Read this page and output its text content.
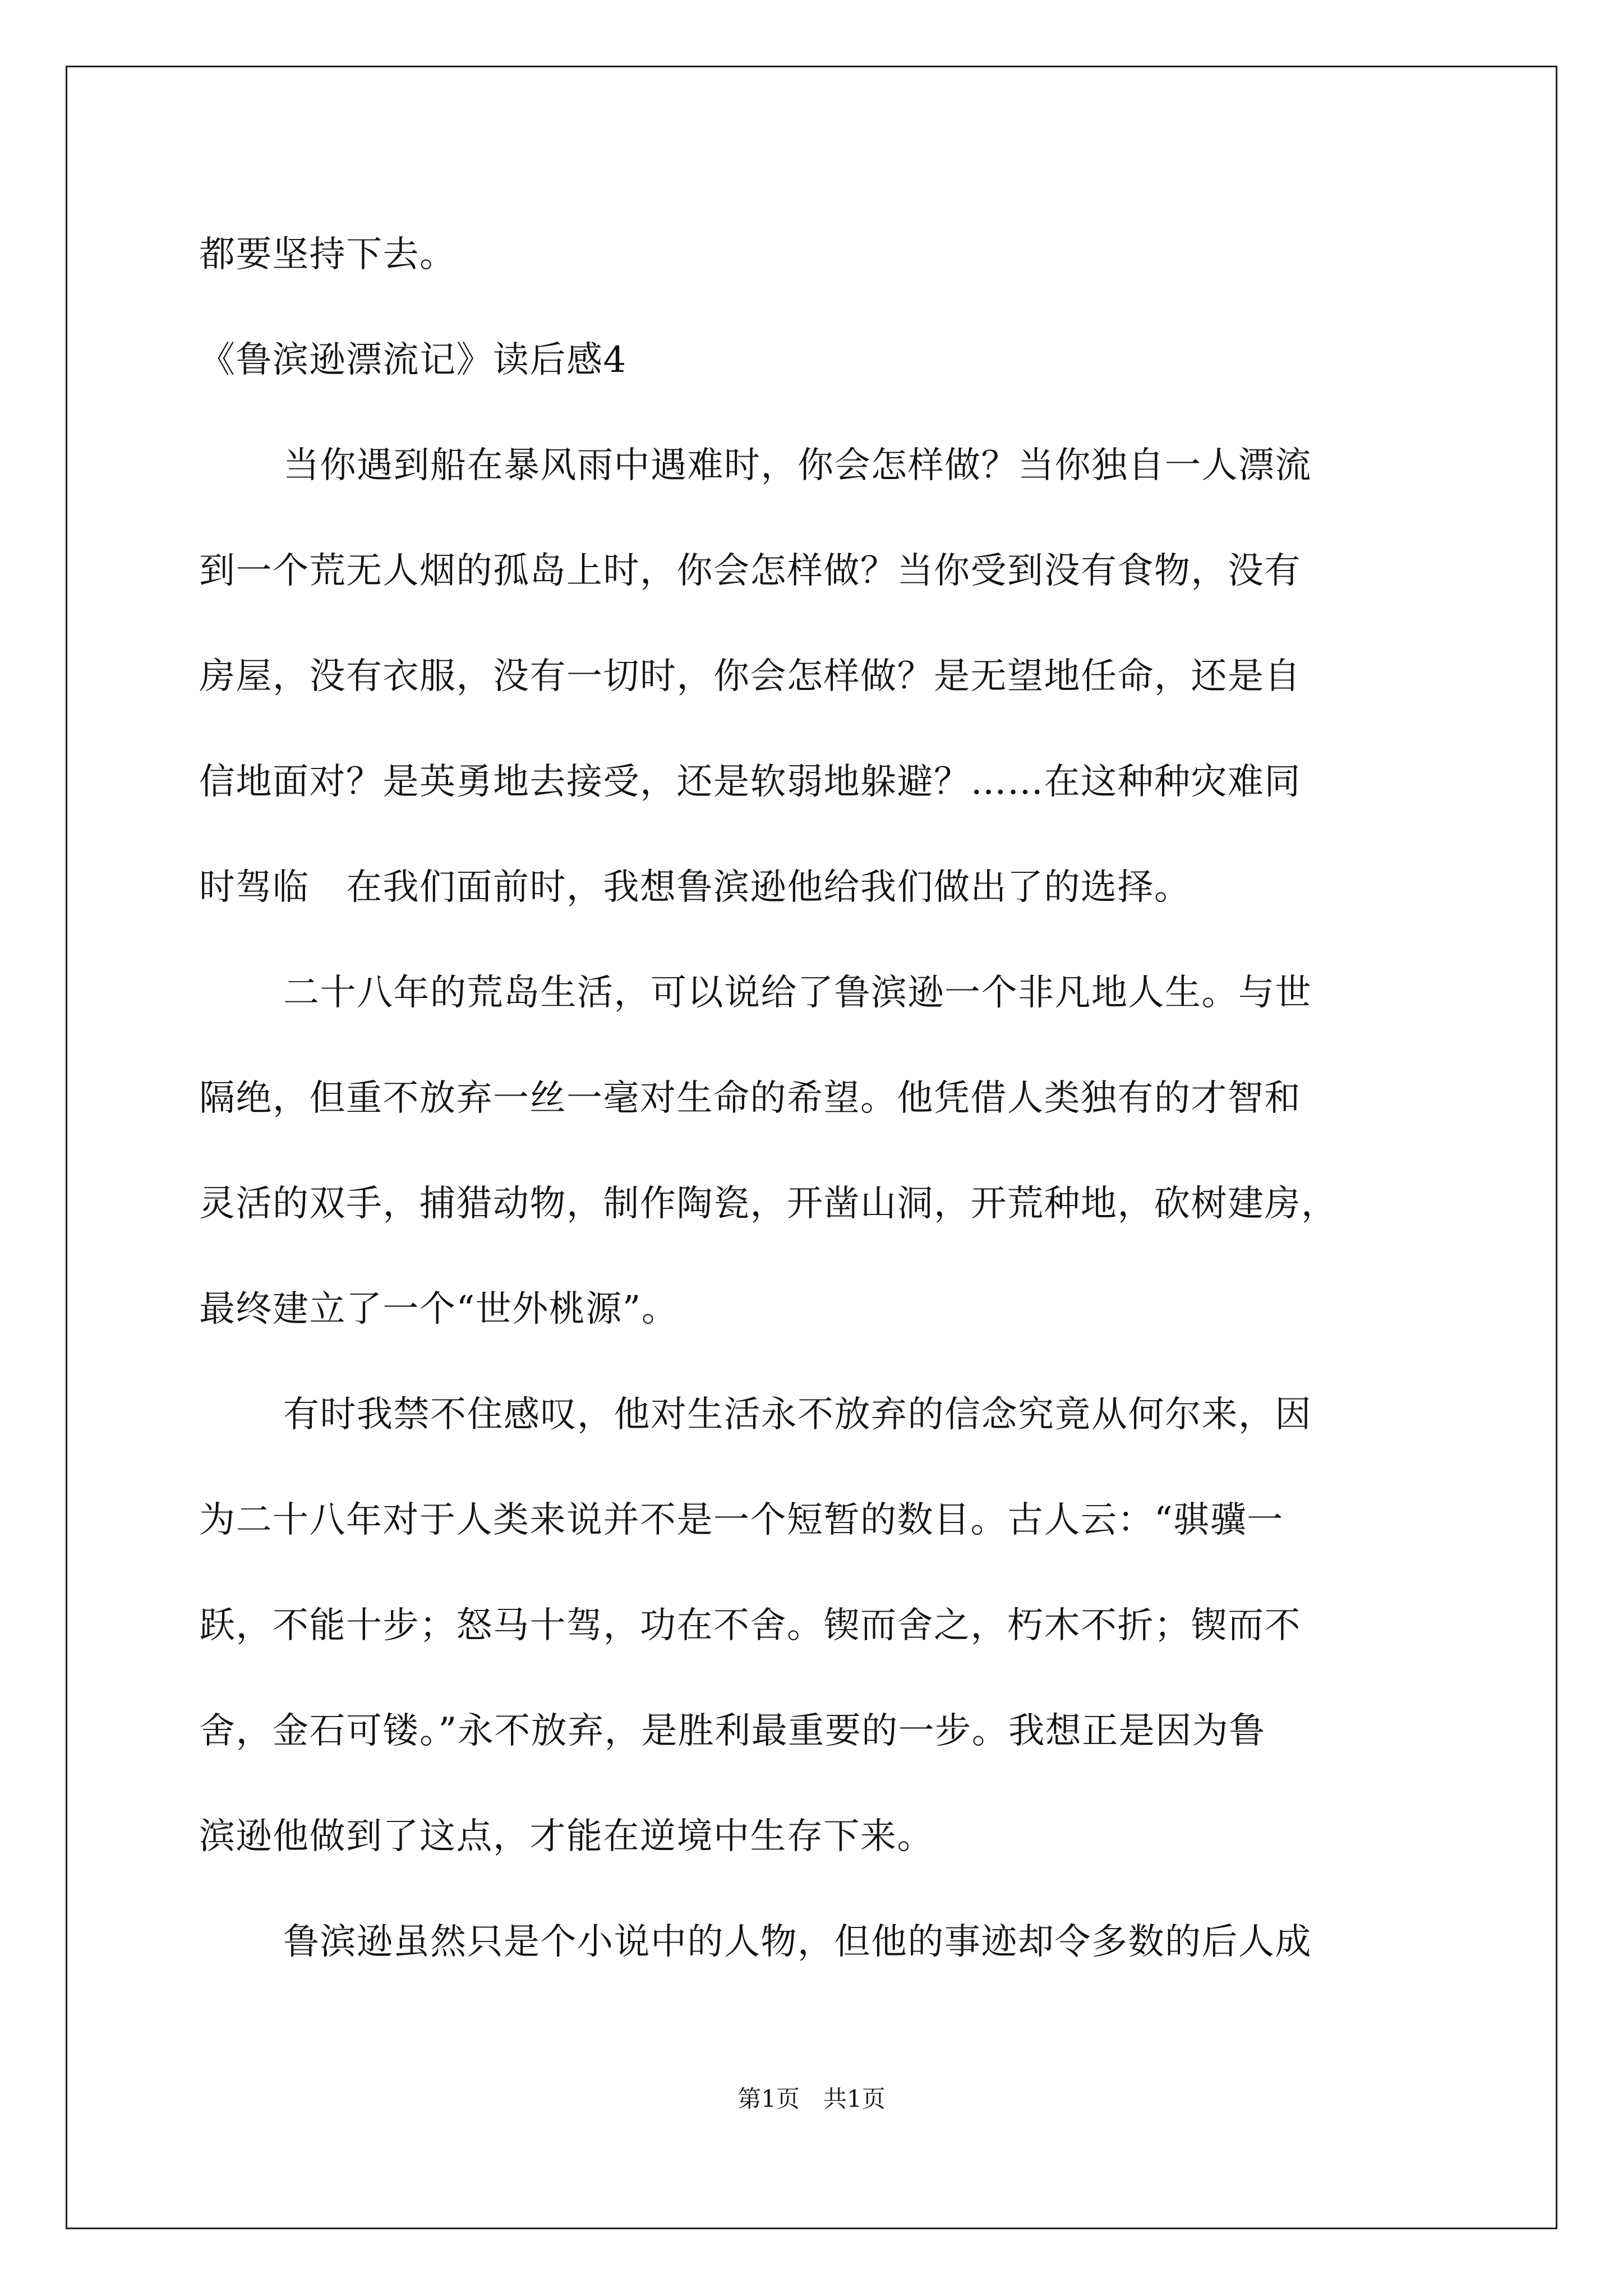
都要坚持下去。
《鲁滨逊漂流记》读后感4
当你遇到船在暴风雨中遇难时，你会怎样做？当你独自一人漂流
到一个荒无人烟的孤岛上时，你会怎样做？当你受到没有食物，没有
房屋，没有衣服，没有一切时，你会怎样做？是无望地任命，还是自
信地面对？是英勇地去接受，还是软弱地躲避？……在这种种灾难同
时驾临　在我们面前时，我想鲁滨逊他给我们做出了的选择。
二十八年的荒岛生活，可以说给了鲁滨逊一个非凡地人生。与世
隔绝，但重不放弃一丝一毫对生命的希望。他凭借人类独有的才智和
灵活的双手，捕猎动物，制作陶瓷，开凿山洞，开荒种地，砍树建房，
最终建立了一个“世外桃源”。
有时我禁不住感叹，他对生活永不放弃的信念究竟从何尔来，因
为二十八年对于人类来说并不是一个短暂的数目。古人云：“骐骥一
跃，不能十步；怒马十驾，功在不舍。锲而舍之，朽木不折；锲而不
舍，金石可镂。”永不放弃，是胜利最重要的一步。我想正是因为鲁
滨逊他做到了这点，才能在逆境中生存下来。
鲁滨逊虽然只是个小说中的人物，但他的事迹却令多数的后人成
第1页　共1页
